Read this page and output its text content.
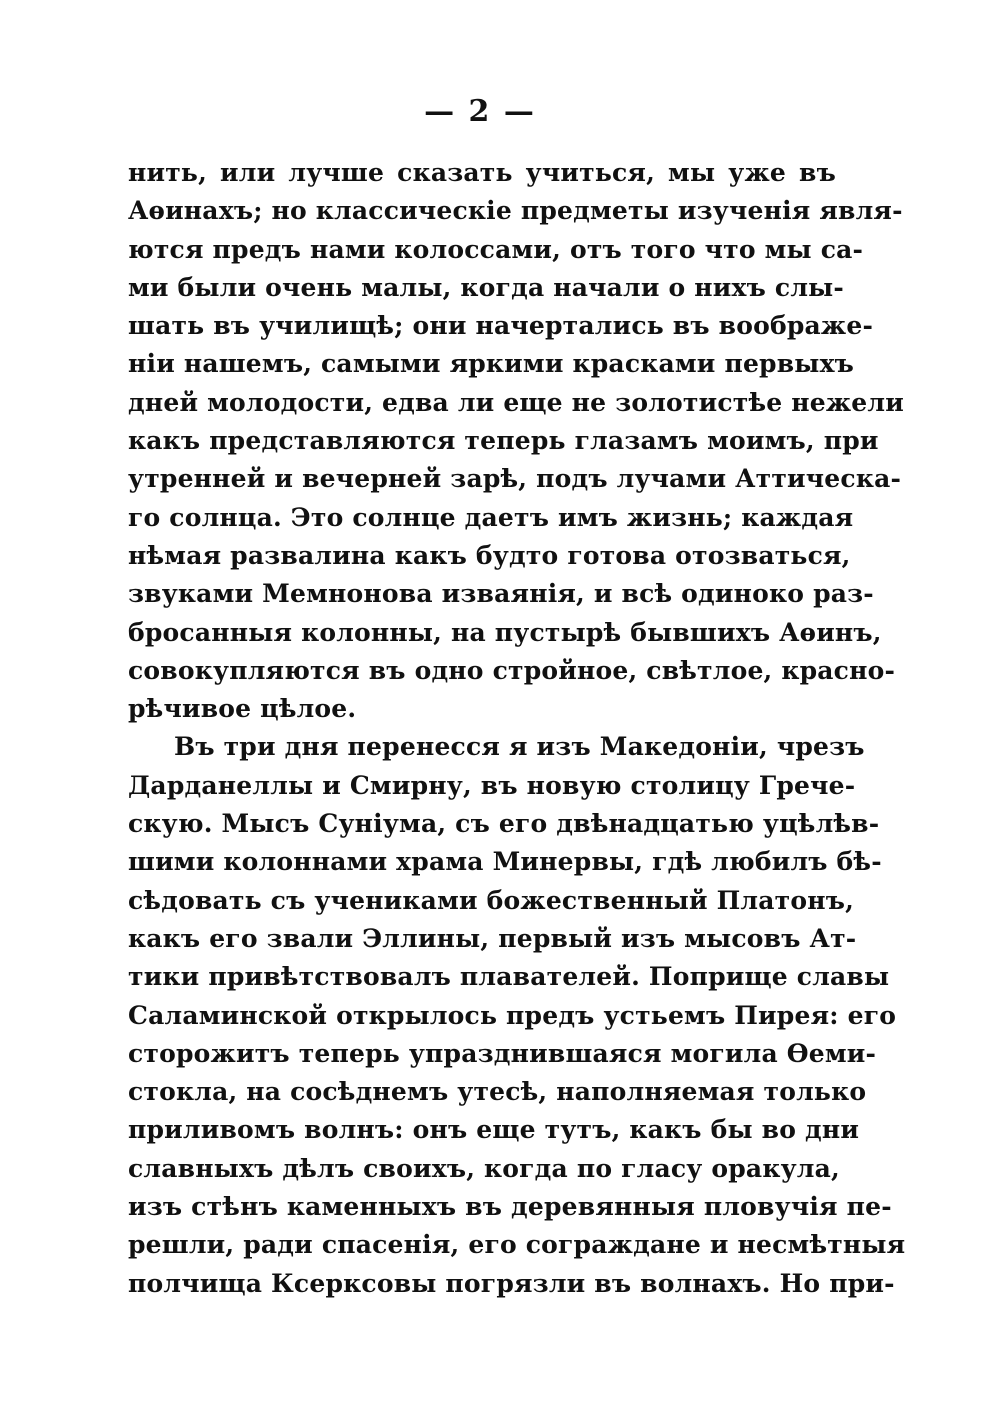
— 2 —
нить, или лучше сказать учиться, мы уже въ
Аѳинахъ; но классическіе предметы изученія явля-
ются предъ нами колоссами, отъ того что мы са-
ми были очень малы, когда начали о нихъ слы-
шать въ училищѣ; они начертались въ воображе-
ніи нашемъ, самыми яркими красками первыхъ
дней молодости, едва ли еще не золотистѣе нежели
какъ представляются теперь глазамъ моимъ, при
утренней и вечерней зарѣ, подъ лучами Аттическа-
го солнца. Это солнце даетъ имъ жизнь; каждая
нѣмая развалина какъ будто готова отозваться,
звуками Мемнонова изваянія, и всѣ одиноко раз-
бросанныя колонны, на пустырѣ бывшихъ Аѳинъ,
совокупляются въ одно стройное, свѣтлое, красно-
рѣчивое цѣлое.
Въ три дня перенесся я изъ Македоніи, чрезъ
Дарданеллы и Смирну, въ новую столицу Грече-
скую. Мысъ Суніума, съ его двѣнадцатью уцѣлѣв-
шими колоннами храма Минервы, гдѣ любилъ бѣ-
сѣдовать съ учениками божественный Платонъ,
какъ его звали Эллины, первый изъ мысовъ Ат-
тики привѣтствовалъ плавателей. Поприще славы
Саламинской открылось предъ устьемъ Пирея: его
сторожитъ теперь упразднившаяся могила Ѳеми-
стокла, на сосѣднемъ утесѣ, наполняемая только
приливомъ волнъ: онъ еще тутъ, какъ бы во дни
славныхъ дѣлъ своихъ, когда по гласу оракула,
изъ стѣнъ каменныхъ въ деревянныя пловучія пе-
решли, ради спасенія, его сограждане и несмѣтныя
полчища Ксерксовы погрязли въ волнахъ. Но при-
